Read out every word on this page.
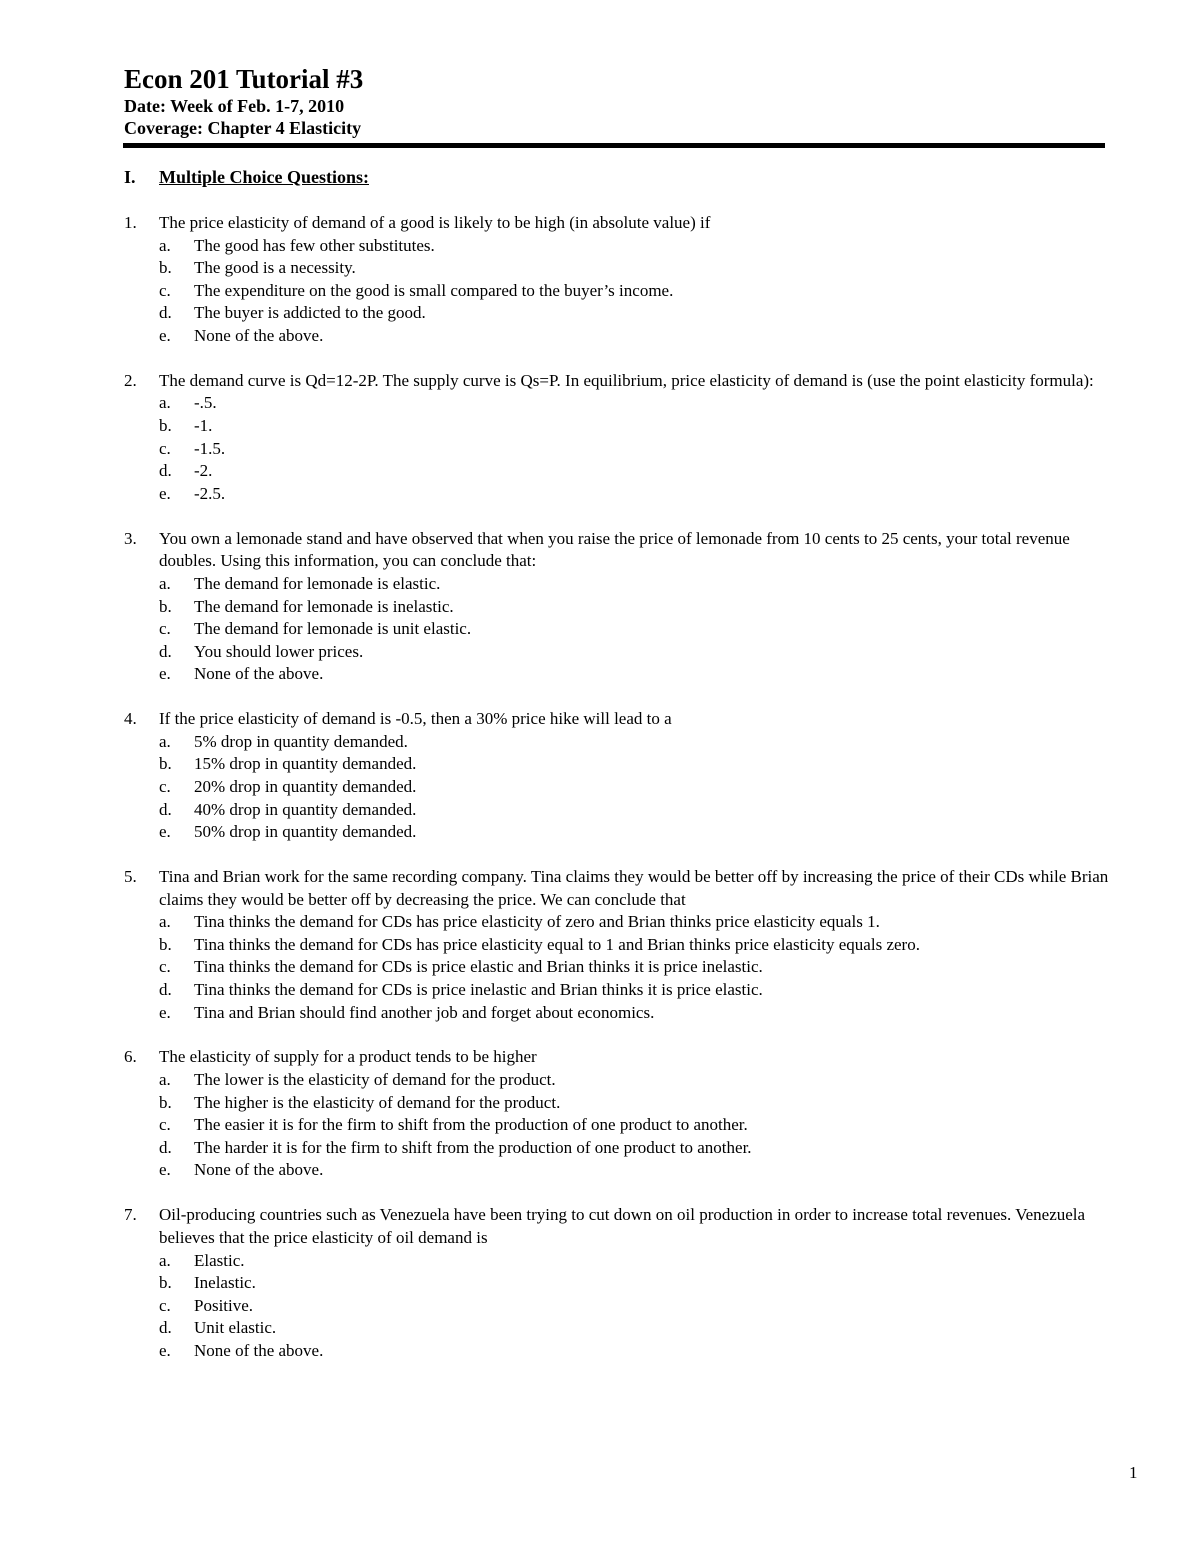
Econ 201 Tutorial #3
Date: Week of Feb. 1-7, 2010
Coverage: Chapter 4 Elasticity
I. Multiple Choice Questions:
1. The price elasticity of demand of a good is likely to be high (in absolute value) if
a.	The good has few other substitutes.
b.	The good is a necessity.
c.	The expenditure on the good is small compared to the buyer’s income.
d.	The buyer is addicted to the good.
e.	None of the above.
2. The demand curve is Qd=12-2P. The supply curve is Qs=P. In equilibrium, price elasticity of demand is (use the point elasticity formula):
a.	-.5.
b.	-1.
c.	-1.5.
d.	-2.
e.	-2.5.
3. You own a lemonade stand and have observed that when you raise the price of lemonade from 10 cents to 25 cents, your total revenue doubles. Using this information, you can conclude that:
a.	The demand for lemonade is elastic.
b.	The demand for lemonade is inelastic.
c.	The demand for lemonade is unit elastic.
d.	You should lower prices.
e.	None of the above.
4. If the price elasticity of demand is -0.5, then a 30% price hike will lead to a
a.	5% drop in quantity demanded.
b.	15% drop in quantity demanded.
c.	20% drop in quantity demanded.
d.	40% drop in quantity demanded.
e.	50% drop in quantity demanded.
5. Tina and Brian work for the same recording company. Tina claims they would be better off by increasing the price of their CDs while Brian claims they would be better off by decreasing the price. We can conclude that
a.	Tina thinks the demand for CDs has price elasticity of zero and Brian thinks price elasticity equals 1.
b.	Tina thinks the demand for CDs has price elasticity equal to 1 and Brian thinks price elasticity equals zero.
c.	Tina thinks the demand for CDs is price elastic and Brian thinks it is price inelastic.
d.	Tina thinks the demand for CDs is price inelastic and Brian thinks it is price elastic.
e.	Tina and Brian should find another job and forget about economics.
6. The elasticity of supply for a product tends to be higher
a.	The lower is the elasticity of demand for the product.
b.	The higher is the elasticity of demand for the product.
c.	The easier it is for the firm to shift from the production of one product to another.
d.	The harder it is for the firm to shift from the production of one product to another.
e.	None of the above.
7. Oil-producing countries such as Venezuela have been trying to cut down on oil production in order to increase total revenues. Venezuela believes that the price elasticity of oil demand is
a.	Elastic.
b.	Inelastic.
c.	Positive.
d.	Unit elastic.
e.	None of the above.
1
